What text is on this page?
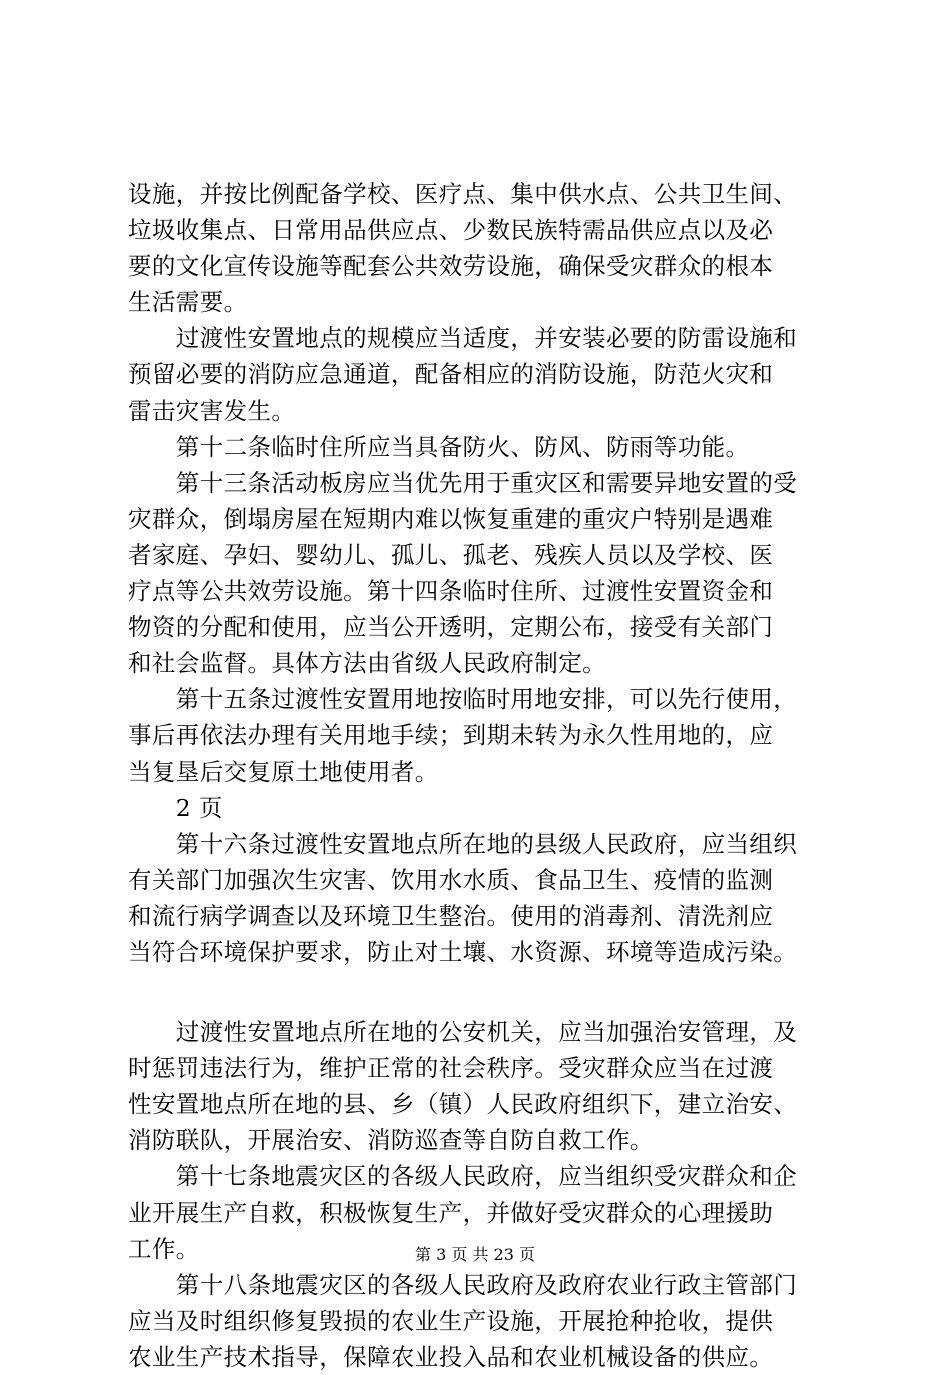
设施，并按比例配备学校、医疗点、集中供水点、公共卫生间、
垃圾收集点、日常用品供应点、少数民族特需品供应点以及必
要的文化宣传设施等配套公共效劳设施，确保受灾群众的根本
生活需要。
　　过渡性安置地点的规模应当适度，并安装必要的防雷设施和
预留必要的消防应急通道，配备相应的消防设施，防范火灾和
雷击灾害发生。
　　第十二条临时住所应当具备防火、防风、防雨等功能。
　　第十三条活动板房应当优先用于重灾区和需要异地安置的受
灾群众，倒塌房屋在短期内难以恢复重建的重灾户特别是遇难
者家庭、孕妇、婴幼儿、孤儿、孤老、残疾人员以及学校、医
疗点等公共效劳设施。第十四条临时住所、过渡性安置资金和
物资的分配和使用，应当公开透明，定期公布，接受有关部门
和社会监督。具体方法由省级人民政府制定。
　　第十五条过渡性安置用地按临时用地安排，可以先行使用，
事后再依法办理有关用地手续；到期未转为永久性用地的，应
当复垦后交复原土地使用者。
　　2 页
　　第十六条过渡性安置地点所在地的县级人民政府，应当组织
有关部门加强次生灾害、饮用水水质、食品卫生、疫情的监测
和流行病学调查以及环境卫生整治。使用的消毒剂、清洗剂应
当符合环境保护要求，防止对土壤、水资源、环境等造成污染。
　　过渡性安置地点所在地的公安机关，应当加强治安管理，及
时惩罚违法行为，维护正常的社会秩序。受灾群众应当在过渡
性安置地点所在地的县、乡（镇）人民政府组织下，建立治安、
消防联队，开展治安、消防巡查等自防自救工作。
　　第十七条地震灾区的各级人民政府，应当组织受灾群众和企
业开展生产自救，积极恢复生产，并做好受灾群众的心理援助
工作。
　　第十八条地震灾区的各级人民政府及政府农业行政主管部门
应当及时组织修复毁损的农业生产设施，开展抢种抢收，提供
农业生产技术指导，保障农业投入品和农业机械设备的供应。
第 3 页 共 23 页
